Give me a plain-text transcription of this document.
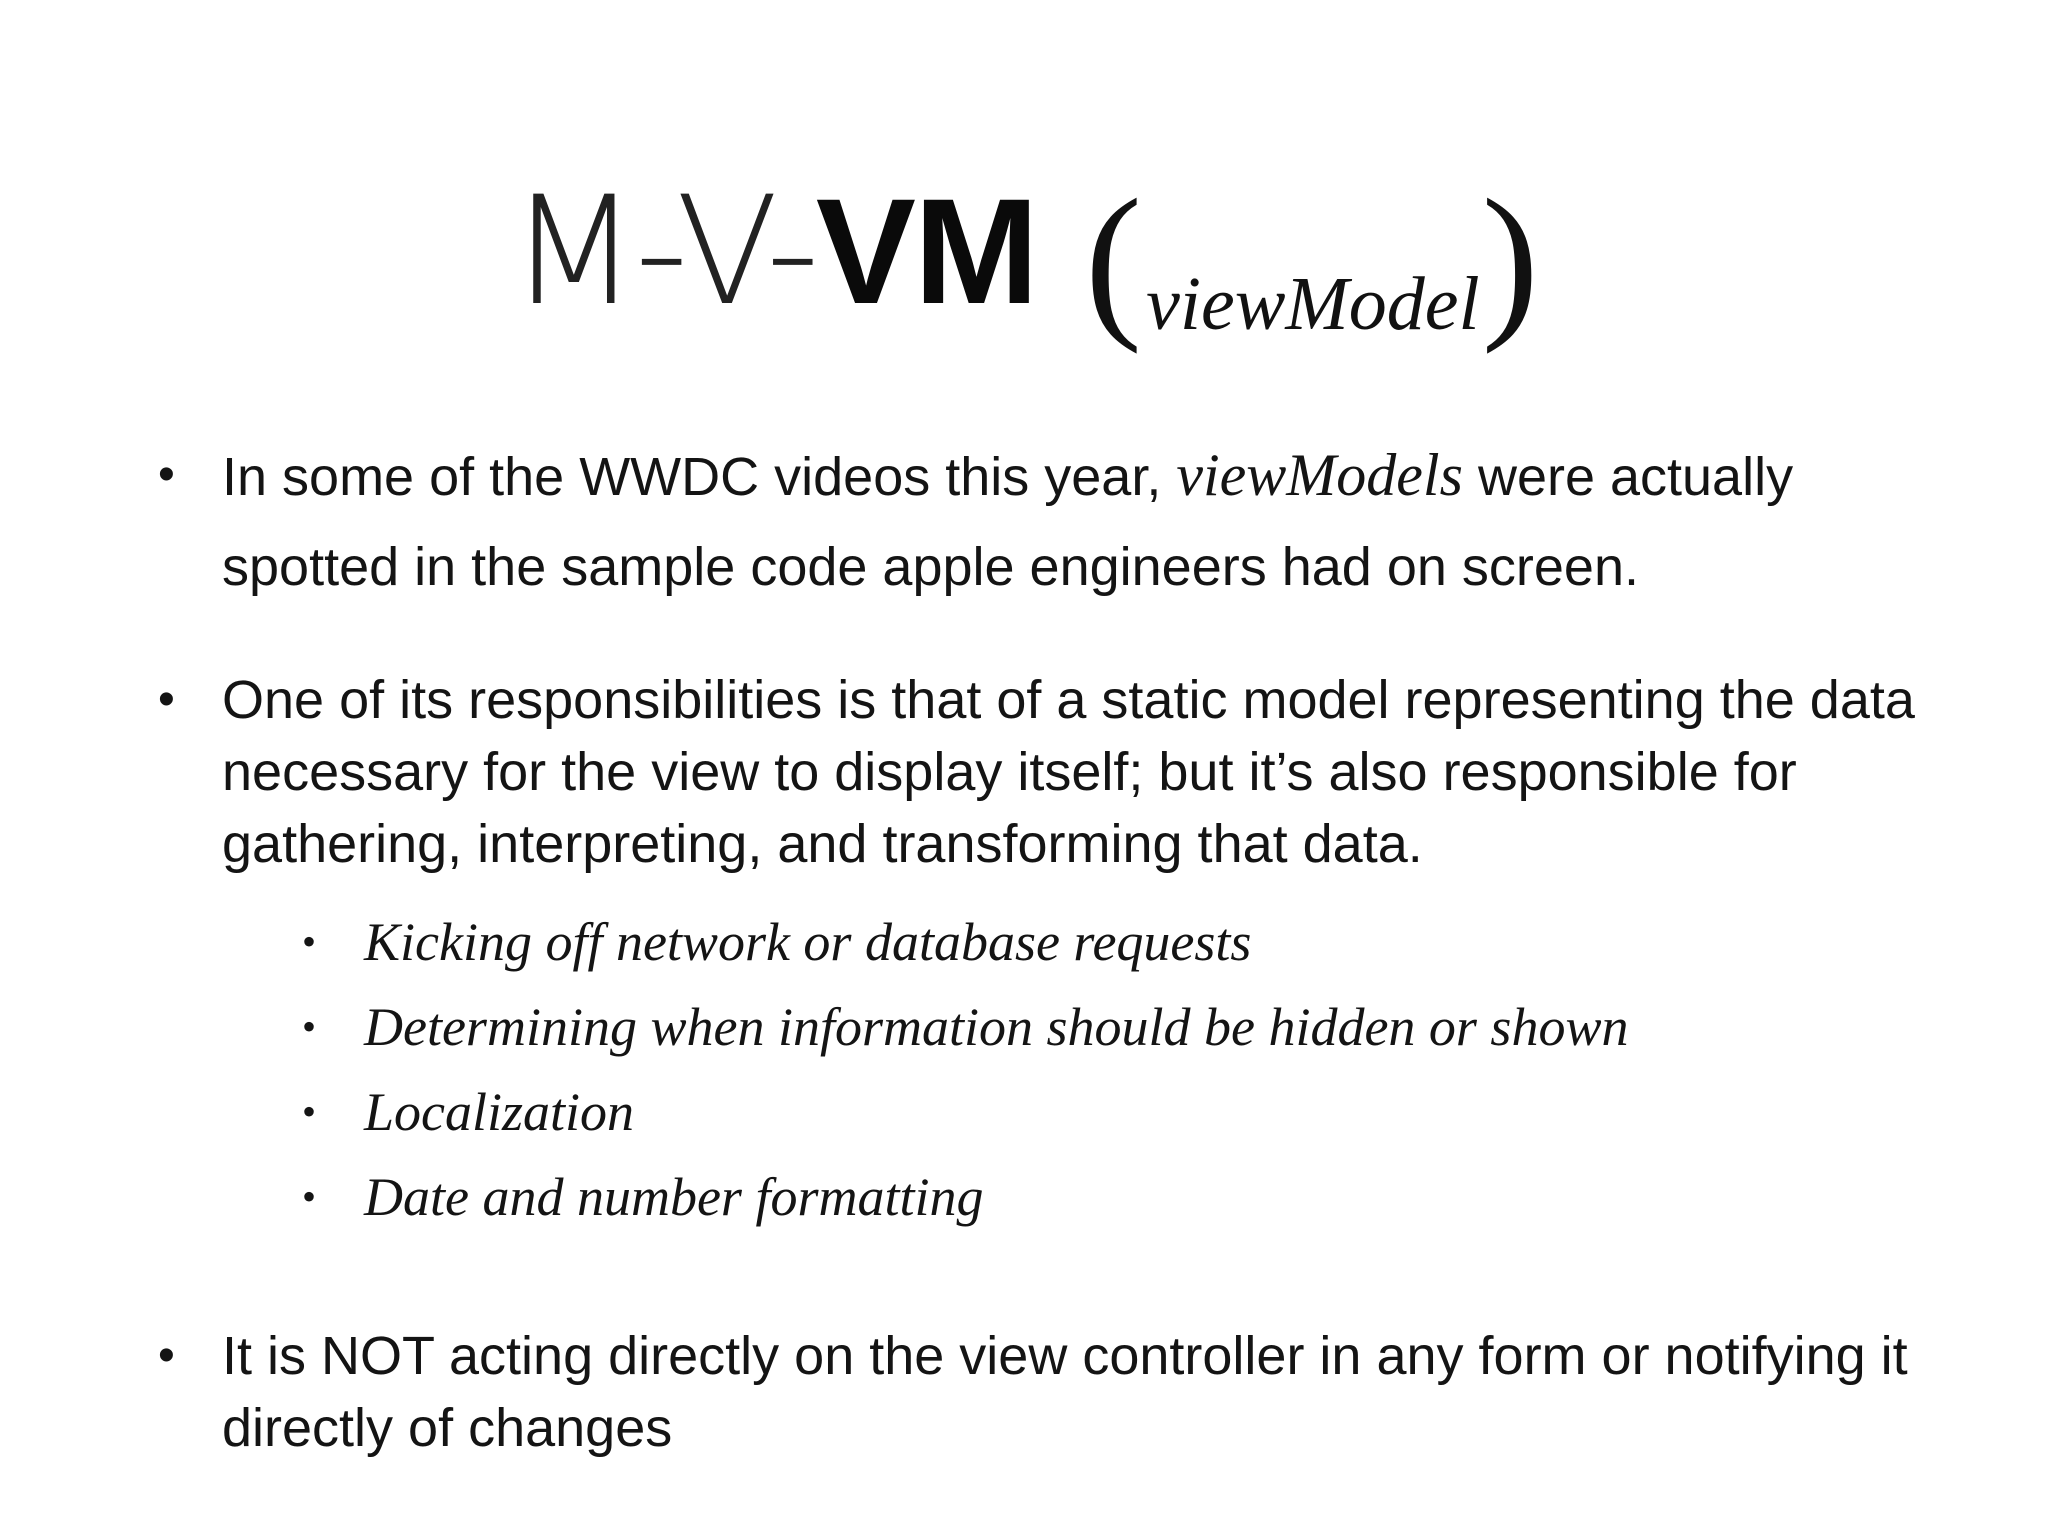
M-V-VM (viewModel)
• In some of the WWDC videos this year, viewModels were actually spotted in the sample code apple engineers had on screen.
• One of its responsibilities is that of a static model representing the data necessary for the view to display itself; but it’s also responsible for gathering, interpreting, and transforming that data.
• Kicking off network or database requests
• Determining when information should be hidden or shown
• Localization
• Date and number formatting
• It is NOT acting directly on the view controller in any form or notifying it directly of changes
